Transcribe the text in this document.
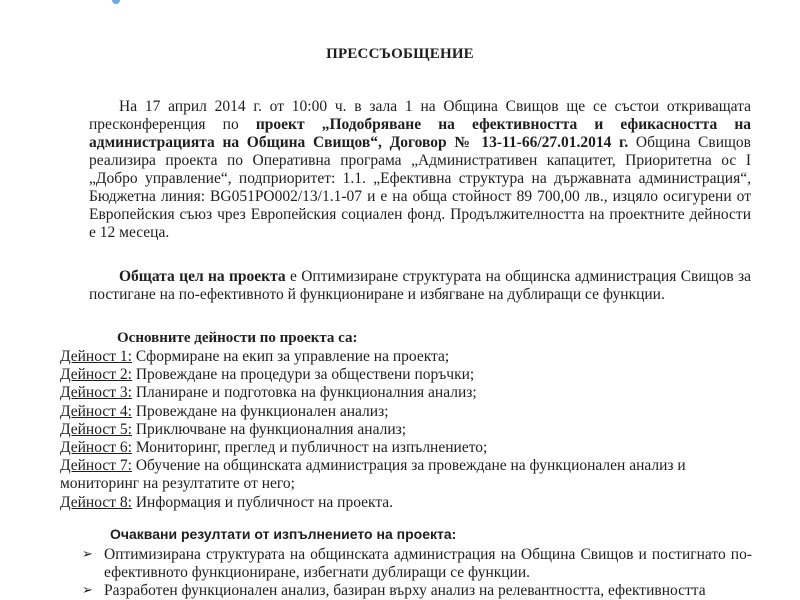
ПРЕССЪОБЩЕНИЕ
На 17 април 2014 г. от 10:00 ч. в зала 1 на Община Свищов ще се състои откриващата пресконференция по проект „Подобряване на ефективността и ефикасността на администрацията на Община Свищов“, Договор № 13-11-66/27.01.2014 г. Община Свищов реализира проекта по Оперативна програма „Административен капацитет, Приоритетна ос I „Добро управление“, подприоритет: 1.1. „Ефективна структура на държавната администрация“, Бюджетна линия: BG051PO002/13/1.1-07 и е на обща стойност 89 700,00 лв., изцяло осигурени от Европейския съюз чрез Европейския социален фонд. Продължителността на проектните дейности е 12 месеца.
Общата цел на проекта е Оптимизиране структурата на общинска администрация Свищов за постигане на по-ефективното й функциониране и избягване на дублиращи се функции.
Основните дейности по проекта са:
Дейност 1: Сформиране на екип за управление на проекта;
Дейност 2: Провеждане на процедури за обществени поръчки;
Дейност 3: Планиране и подготовка на функционалния анализ;
Дейност 4: Провеждане на функционален анализ;
Дейност 5: Приключване на функционалния анализ;
Дейност 6: Мониторинг, преглед и публичност на изпълнението;
Дейност 7: Обучение на общинската администрация за провеждане на функционален анализ и мониторинг на резултатите от него;
Дейност 8: Информация и публичност на проекта.
Очаквани резултати от изпълнението на проекта:
➢ Оптимизирана структурата на общинската администрация на Община Свищов и постигнато по-ефективното функциониране, избегнати дублиращи се функции.
➢ Разработен функционален анализ, базиран върху анализ на релевантността, ефективността
